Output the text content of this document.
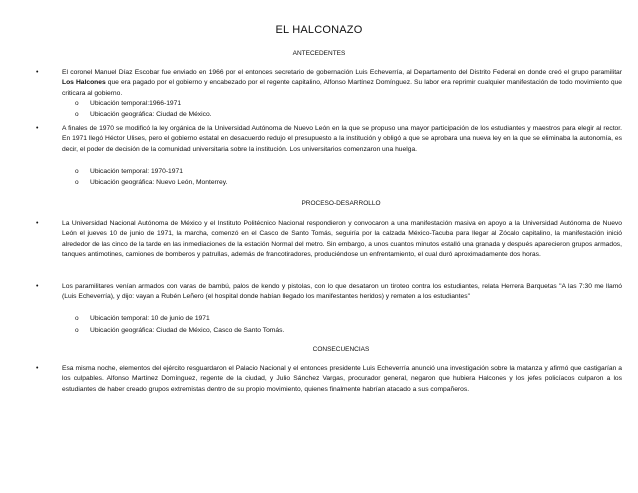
EL HALCONAZO
ANTECEDENTES
•	El coronel Manuel Díaz Escobar fue enviado en 1966 por el entonces secretario de gobernación Luis Echeverría, al Departamento del Distrito Federal en donde creó el grupo paramilitar Los Halcones que era pagado por el gobierno y encabezado por el regente capitalino, Alfonso Martínez Domínguez. Su labor era reprimir cualquier manifestación de todo movimiento que criticara al gobierno.
o Ubicación temporal:1966-1971
o Ubicación geográfica: Ciudad de México.
•	A finales de 1970 se modificó la ley orgánica de la Universidad Autónoma de Nuevo León en la que se propuso una mayor participación de los estudiantes y maestros para elegir al rector. En 1971 llegó Héctor Ulises, pero el gobierno estatal en desacuerdo redujo el presupuesto a la institución y obligó a que se aprobara una nueva ley en la que se eliminaba la autonomía, es decir, el poder de decisión de la comunidad universitaria sobre la institución. Los universitarios comenzaron una huelga.
o Ubicación temporal: 1970-1971
o Ubicación geográfica: Nuevo León, Monterrey.
PROCESO-DESARROLLO
•	La Universidad Nacional Autónoma de México y el Instituto Politécnico Nacional respondieron y convocaron a una manifestación masiva en apoyo a la Universidad Autónoma de Nuevo León el jueves 10 de junio de 1971, la marcha, comenzó en el Casco de Santo Tomás, seguiría por la calzada México-Tacuba para llegar al Zócalo capitalino, la manifestación inició alrededor de las cinco de la tarde en las inmediaciones de la estación Normal del metro. Sin embargo, a unos cuantos minutos estalló una granada y después aparecieron grupos armados, tanques antimotines, camiones de bomberos y patrullas, además de francotiradores, produciéndose un enfrentamiento, el cual duró aproximadamente dos horas.
•	Los paramilitares venían armados con varas de bambú, palos de kendo y pistolas, con lo que desataron un tiroteo contra los estudiantes, relata Herrera Barquetas "A las 7:30 me llamó (Luis Echeverría), y dijo: vayan a Rubén Leñero (el hospital donde habían llegado los manifestantes heridos) y rematen a los estudiantes"
o Ubicación temporal: 10 de junio de 1971
o Ubicación geográfica: Ciudad de México, Casco de Santo Tomás.
CONSECUENCIAS
•	Esa misma noche, elementos del ejército resguardaron el Palacio Nacional y el entonces presidente Luis Echeverría anunció una investigación sobre la matanza y afirmó que castigarían a los culpables. Alfonso Martínez Domínguez, regente de la ciudad, y Julio Sánchez Vargas, procurador general, negaron que hubiera Halcones y los jefes policíacos culparon a los estudiantes de haber creado grupos extremistas dentro de su propio movimiento, quienes finalmente habrían atacado a sus compañeros.
